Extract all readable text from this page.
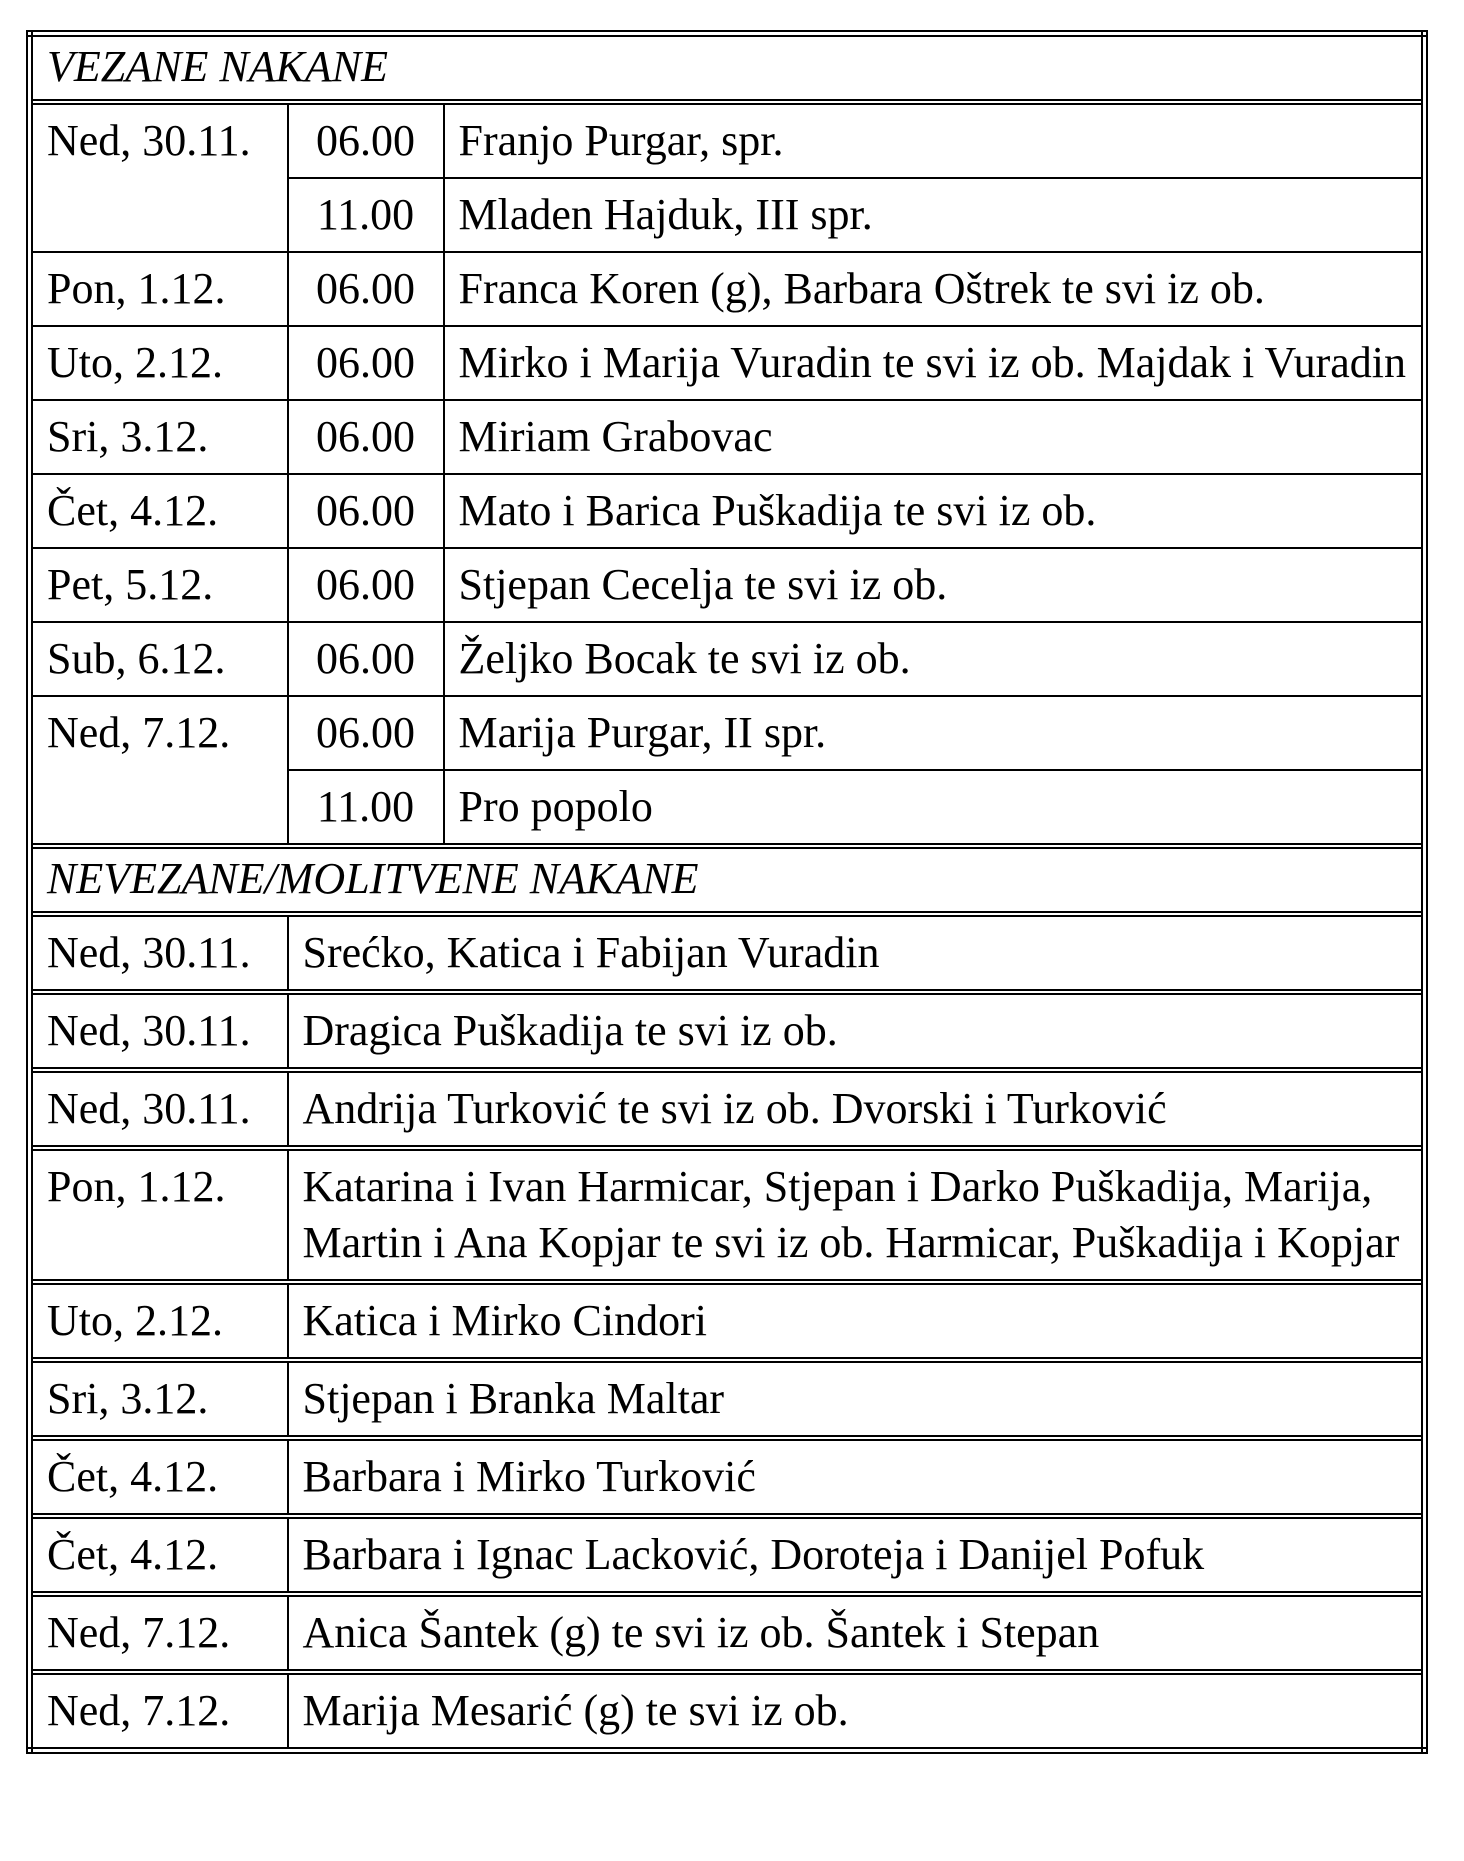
VEZANE NAKANE		
Ned, 30.11.	06.00	Franjo Purgar, spr.
	11.00	Mladen Hajduk, III spr.
Pon, 1.12.	06.00	Franca Koren (g), Barbara Oštrek te svi iz ob.
Uto, 2.12.	06.00	Mirko i Marija Vuradin te svi iz ob. Majdak i Vuradin
Sri, 3.12.	06.00	Miriam Grabovac
Čet, 4.12.	06.00	Mato i Barica Puškadija te svi iz ob.
Pet, 5.12.	06.00	Stjepan Cecelja te svi iz ob.
Sub, 6.12.	06.00	Željko Bocak te svi iz ob.
Ned, 7.12.	06.00	Marija Purgar, II spr.
	11.00	Pro popolo
NEVEZANE/MOLITVENE NAKANE		
Ned, 30.11.	Srećko, Katica i Fabijan Vuradin	
Ned, 30.11.	Dragica Puškadija te svi iz ob.	
Ned, 30.11.	Andrija Turković te svi iz ob. Dvorski i Turković	
Pon, 1.12.	Katarina i Ivan Harmicar, Stjepan i Darko Puškadija, Marija, Martin i Ana Kopjar te svi iz ob. Harmicar, Puškadija i Kopjar	
Uto, 2.12.	Katica i Mirko Cindori	
Sri, 3.12.	Stjepan i Branka Maltar	
Čet, 4.12.	Barbara i Mirko Turković	
Čet, 4.12.	Barbara i Ignac Lacković, Doroteja i Danijel Pofuk	
Ned, 7.12.	Anica Šantek (g) te svi iz ob. Šantek i Stepan	
Ned, 7.12.	Marija Mesarić (g) te svi iz ob.	
